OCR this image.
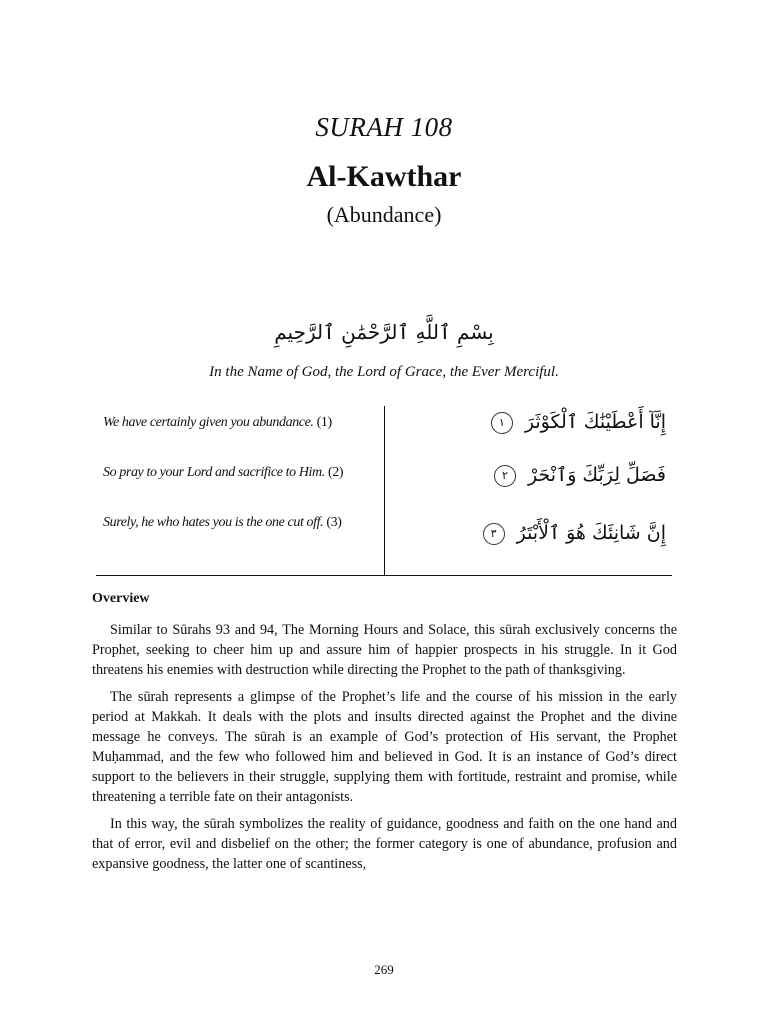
SURAH 108
Al-Kawthar
(Abundance)
بِسْمِ ٱللَّهِ ٱلرَّحْمَٰنِ ٱلرَّحِيمِ
In the Name of God, the Lord of Grace, the Ever Merciful.
We have certainly given you abundance. (1)	إِنَّآ أَعْطَيْنَٰكَ ٱلْكَوْثَرَ ١
So pray to your Lord and sacrifice to Him. (2)	فَصَلِّ لِرَبِّكَ وَٱنْحَرْ ٢
Surely, he who hates you is the one cut off. (3)	إِنَّ شَانِئَكَ هُوَ ٱلْأَبْتَرُ ٣
Overview

Similar to Sūrahs 93 and 94, The Morning Hours and Solace, this sūrah exclusively concerns the Prophet, seeking to cheer him up and assure him of happier prospects in his struggle. In it God threatens his enemies with destruction while directing the Prophet to the path of thanksgiving.

The sūrah represents a glimpse of the Prophet’s life and the course of his mission in the early period at Makkah. It deals with the plots and insults directed against the Prophet and the divine message he conveys. The sūrah is an example of God’s protection of His servant, the Prophet Muḥammad, and the few who followed him and believed in God. It is an instance of God’s direct support to the believers in their struggle, supplying them with fortitude, restraint and promise, while threatening a terrible fate on their antagonists.

In this way, the sūrah symbolizes the reality of guidance, goodness and faith on the one hand and that of error, evil and disbelief on the other; the former category is one of abundance, profusion and expansive goodness, the latter one of scantiness,

269
